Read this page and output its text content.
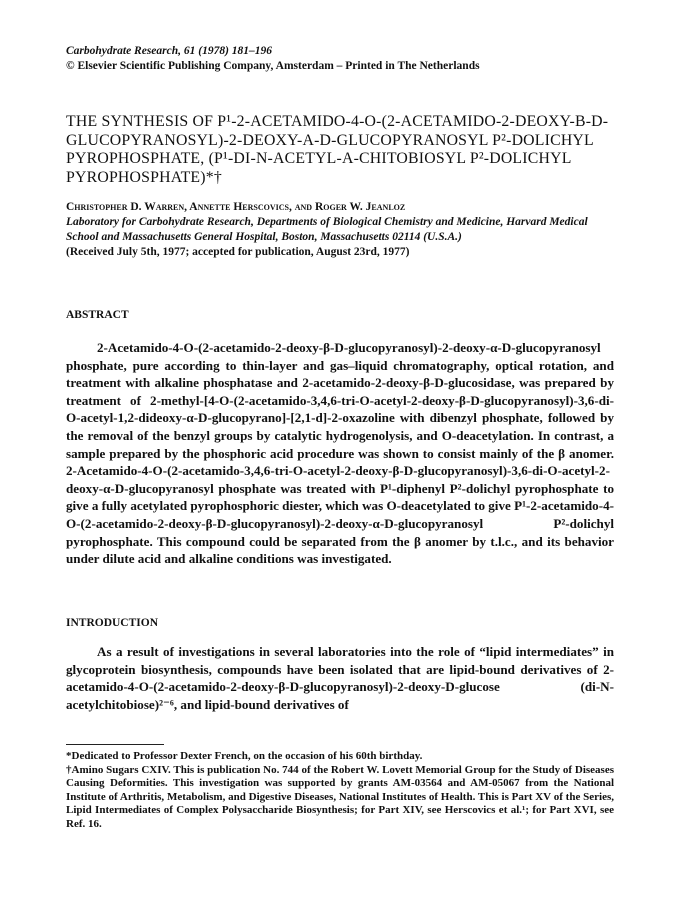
Carbohydrate Research, 61 (1978) 181–196
© Elsevier Scientific Publishing Company, Amsterdam – Printed in The Netherlands
THE SYNTHESIS OF P¹-2-ACETAMIDO-4-O-(2-ACETAMIDO-2-DEOXY-Β-D-GLUCOPYRANOSYL)-2-DEOXY-Α-D-GLUCOPYRANOSYL P²-DOLICHYL PYROPHOSPHATE, (P¹-DI-N-ACETYL-Α-CHITOBIOSYL P²-DOLICHYL PYROPHOSPHATE)*†
Christopher D. Warren, Annette Herscovics, and Roger W. Jeanloz
Laboratory for Carbohydrate Research, Departments of Biological Chemistry and Medicine, Harvard Medical School and Massachusetts General Hospital, Boston, Massachusetts 02114 (U.S.A.)
(Received July 5th, 1977; accepted for publication, August 23rd, 1977)
ABSTRACT
2-Acetamido-4-O-(2-acetamido-2-deoxy-β-D-glucopyranosyl)-2-deoxy-α-D-glucopyranosyl phosphate, pure according to thin-layer and gas–liquid chromatography, optical rotation, and treatment with alkaline phosphatase and 2-acetamido-2-deoxy-β-D-glucosidase, was prepared by treatment of 2-methyl-[4-O-(2-acetamido-3,4,6-tri-O-acetyl-2-deoxy-β-D-glucopyranosyl)-3,6-di-O-acetyl-1,2-dideoxy-α-D-glucopyrano]-[2,1-d]-2-oxazoline with dibenzyl phosphate, followed by the removal of the benzyl groups by catalytic hydrogenolysis, and O-deacetylation. In contrast, a sample prepared by the phosphoric acid procedure was shown to consist mainly of the β anomer. 2-Acetamido-4-O-(2-acetamido-3,4,6-tri-O-acetyl-2-deoxy-β-D-glucopyranosyl)-3,6-di-O-acetyl-2-deoxy-α-D-glucopyranosyl phosphate was treated with P¹-diphenyl P²-dolichyl pyrophosphate to give a fully acetylated pyrophosphoric diester, which was O-deacetylated to give P¹-2-acetamido-4-O-(2-acetamido-2-deoxy-β-D-glucopyranosyl)-2-deoxy-α-D-glucopyranosyl P²-dolichyl pyrophosphate. This compound could be separated from the β anomer by t.l.c., and its behavior under dilute acid and alkaline conditions was investigated.
INTRODUCTION
As a result of investigations in several laboratories into the role of “lipid intermediates” in glycoprotein biosynthesis, compounds have been isolated that are lipid-bound derivatives of 2-acetamido-4-O-(2-acetamido-2-deoxy-β-D-glucopyranosyl)-2-deoxy-D-glucose (di-N-acetylchitobiose)²⁻⁶, and lipid-bound derivatives of
*Dedicated to Professor Dexter French, on the occasion of his 60th birthday.
†Amino Sugars CXIV. This is publication No. 744 of the Robert W. Lovett Memorial Group for the Study of Diseases Causing Deformities. This investigation was supported by grants AM-03564 and AM-05067 from the National Institute of Arthritis, Metabolism, and Digestive Diseases, National Institutes of Health. This is Part XV of the Series, Lipid Intermediates of Complex Polysaccharide Biosynthesis; for Part XIV, see Herscovics et al.¹; for Part XVI, see Ref. 16.
